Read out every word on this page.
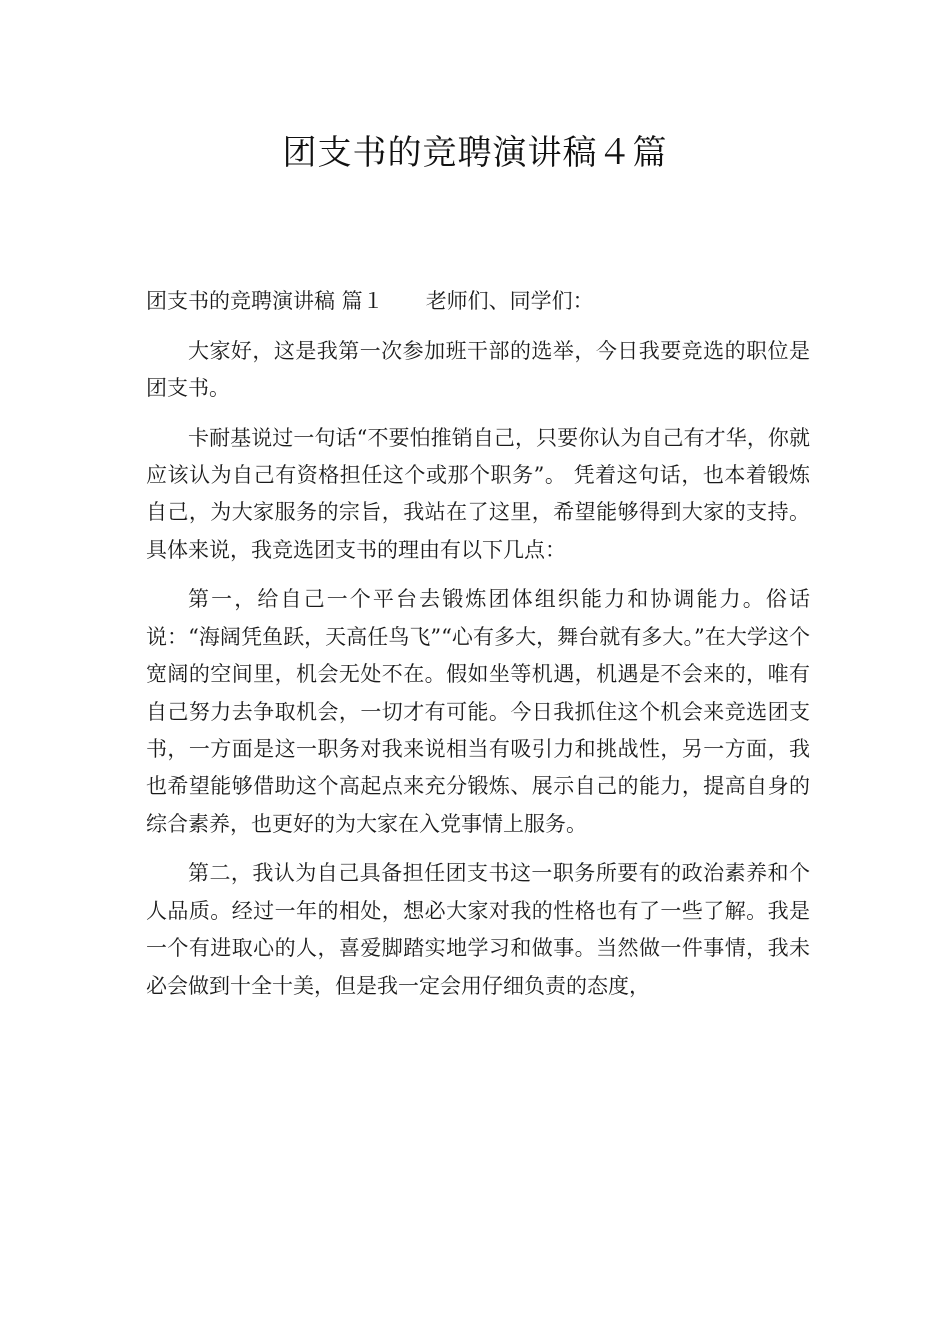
团支书的竞聘演讲稿４篇

团支书的竞聘演讲稿 篇１ 老师们、同学们：

大家好，这是我第一次参加班干部的选举，今日我要竞选的职位是团支书。

卡耐基说过一句话“不要怕推销自己，只要你认为自己有才华，你就应该认为自己有资格担任这个或那个职务”。 凭着这句话，也本着锻炼自己，为大家服务的宗旨，我站在了这里，希望能够得到大家的支持。 具体来说，我竞选团支书的理由有以下几点：

第一，给自己一个平台去锻炼团体组织能力和协调能力。俗话说：“海阔凭鱼跃，天高任鸟飞”“心有多大，舞台就有多大。”在大学这个宽阔的空间里，机会无处不在。假如坐等机遇，机遇是不会来的，唯有自己努力去争取机会，一切才有可能。今日我抓住这个机会来竞选团支书，一方面是这一职务对我来说相当有吸引力和挑战性，另一方面，我也希望能够借助这个高起点来充分锻炼、展示自己的能力，提高自身的综合素养，也更好的为大家在入党事情上服务。

第二，我认为自己具备担任团支书这一职务所要有的政治素养和个人品质。经过一年的相处，想必大家对我的性格也有了一些了解。我是一个有进取心的人，喜爱脚踏实地学习和做事。当然做一件事情，我未必会做到十全十美，但是我一定会用仔细负责的态度，
